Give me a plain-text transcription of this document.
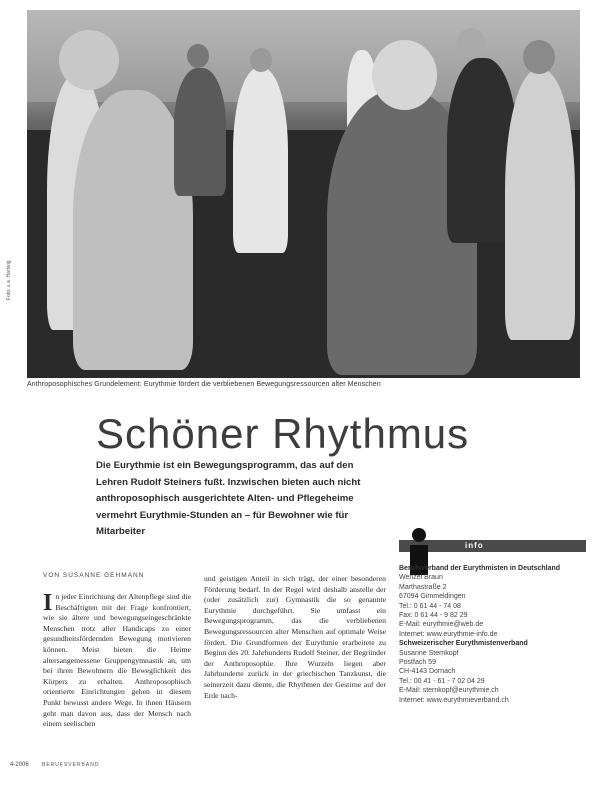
Foto: u.a. Hartwig
Anthroposophisches Grundelement: Eurythmie fördert die verbliebenen Bewegungsressourcen alter Menschen
Schöner Rhythmus
Die Eurythmie ist ein Bewegungsprogramm, das auf den Lehren Rudolf Steiners fußt. Inzwischen bieten auch nicht anthroposophisch ausgerichtete Alten- und Pflegeheime vermehrt Eurythmie-Stunden an – für Bewohner wie für Mitarbeiter
VON SUSANNE GEHMANN
In jeder Einrichtung der Altenpflege sind die Beschäftigten mit der Frage konfrontiert, wie sie ältere und bewegungseingeschränkte Menschen trotz aller Handicaps zu einer gesundheitsfördernden Bewegung motivieren können. Meist bieten die Heime altersangemessene Gruppengymnastik an, um bei ihren Bewohnern die Beweglichkeit des Körpers zu erhalten. Anthroposophisch orientierte Einrichtungen gehen in diesem Punkt bewusst andere Wege. In ihnen Häusern geht man davon aus, dass der Mensch nach einem seelischen
und geistigen Anteil in sich trägt, der einer besonderen Förderung bedarf. In der Regel wird deshalb anstelle der (oder zusätzlich zur) Gymnastik die so genannte Eurythmie durchgeführt. Sie umfasst ein Bewegungsprogramm, das die verbliebenen Bewegungsressourcen alter Menschen auf optimale Weise fördert. Die Grundformen der Eurythmie erarbeitete zu Beginn des 20. Jahrhunderts Rudolf Steiner, der Begründer der Anthroposophie. Ihre Wurzeln liegen aber Jahrhunderte zurück in der griechischen Tanzkunst, die seinerzeit dazu diente, die Rhythmen der Gestirne auf der Erde nach-
info
Berufsverband der Eurythmisten in Deutschland
Wenzel Braun
Marthastraße 2
67094 Gimmeldingen
Tel.: 0 61 44 - 74 08
Fax: 0 61 44 - 9 82 29
E-Mail: eurythmie@web.de
Internet: www.eurythmie-info.de
Schweizerischer Eurythmistenverband
Susanne Sternkopf
Postfach 59
CH-4143 Dornach
Tel.: 00 41 - 61 - 7 02 04 29
E-Mail: sternkopf@eurythmie.ch
Internet: www.eurythmieverband.ch
4-2006	BERUFSVERBAND
